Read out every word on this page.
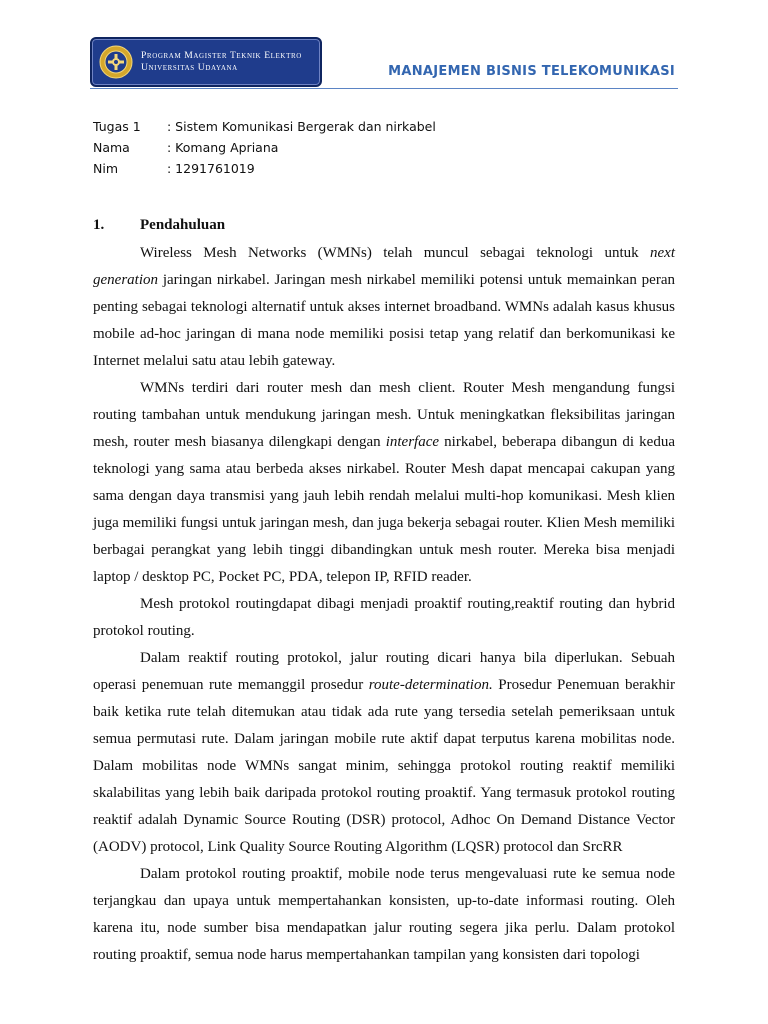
Program Magister Teknik Elektro
Universitas Udayana	MANAJEMEN BISNIS TELEKOMUNIKASI
Tugas 1	: Sistem Komunikasi Bergerak dan nirkabel
Nama	: Komang Apriana
Nim	: 1291761019
1.	Pendahuluan

Wireless Mesh Networks (WMNs) telah muncul sebagai teknologi untuk next generation jaringan nirkabel. Jaringan mesh nirkabel memiliki potensi untuk memainkan peran penting sebagai teknologi alternatif untuk akses internet broadband. WMNs adalah kasus khusus mobile ad-hoc jaringan di mana node memiliki posisi tetap yang relatif dan berkomunikasi ke Internet melalui satu atau lebih gateway.

WMNs terdiri dari router mesh dan mesh client. Router Mesh mengandung fungsi routing tambahan untuk mendukung jaringan mesh. Untuk meningkatkan fleksibilitas jaringan mesh, router mesh biasanya dilengkapi dengan interface nirkabel, beberapa dibangun di kedua teknologi yang sama atau berbeda akses nirkabel. Router Mesh dapat mencapai cakupan yang sama dengan daya transmisi yang jauh lebih rendah melalui multi-hop komunikasi. Mesh klien juga memiliki fungsi untuk jaringan mesh, dan juga bekerja sebagai router. Klien Mesh memiliki berbagai perangkat yang lebih tinggi dibandingkan untuk mesh router. Mereka bisa menjadi laptop / desktop PC, Pocket PC, PDA, telepon IP, RFID reader.

Mesh protokol routingdapat dibagi menjadi proaktif routing,reaktif routing dan hybrid protokol routing.

Dalam reaktif routing protokol, jalur routing dicari hanya bila diperlukan. Sebuah operasi penemuan rute memanggil prosedur route-determination. Prosedur Penemuan berakhir baik ketika rute telah ditemukan atau tidak ada rute yang tersedia setelah pemeriksaan untuk semua permutasi rute. Dalam jaringan mobile rute aktif dapat terputus karena mobilitas node. Dalam mobilitas node WMNs sangat minim, sehingga protokol routing reaktif memiliki skalabilitas yang lebih baik daripada protokol routing proaktif. Yang termasuk protokol routing reaktif adalah Dynamic Source Routing (DSR) protocol, Adhoc On Demand Distance Vector (AODV) protocol, Link Quality Source Routing Algorithm (LQSR) protocol dan SrcRR

Dalam protokol routing proaktif, mobile node terus mengevaluasi rute ke semua node terjangkau dan upaya untuk mempertahankan konsisten, up-to-date informasi routing. Oleh karena itu, node sumber bisa mendapatkan jalur routing segera jika perlu. Dalam protokol routing proaktif, semua node harus mempertahankan tampilan yang konsisten dari topologi
